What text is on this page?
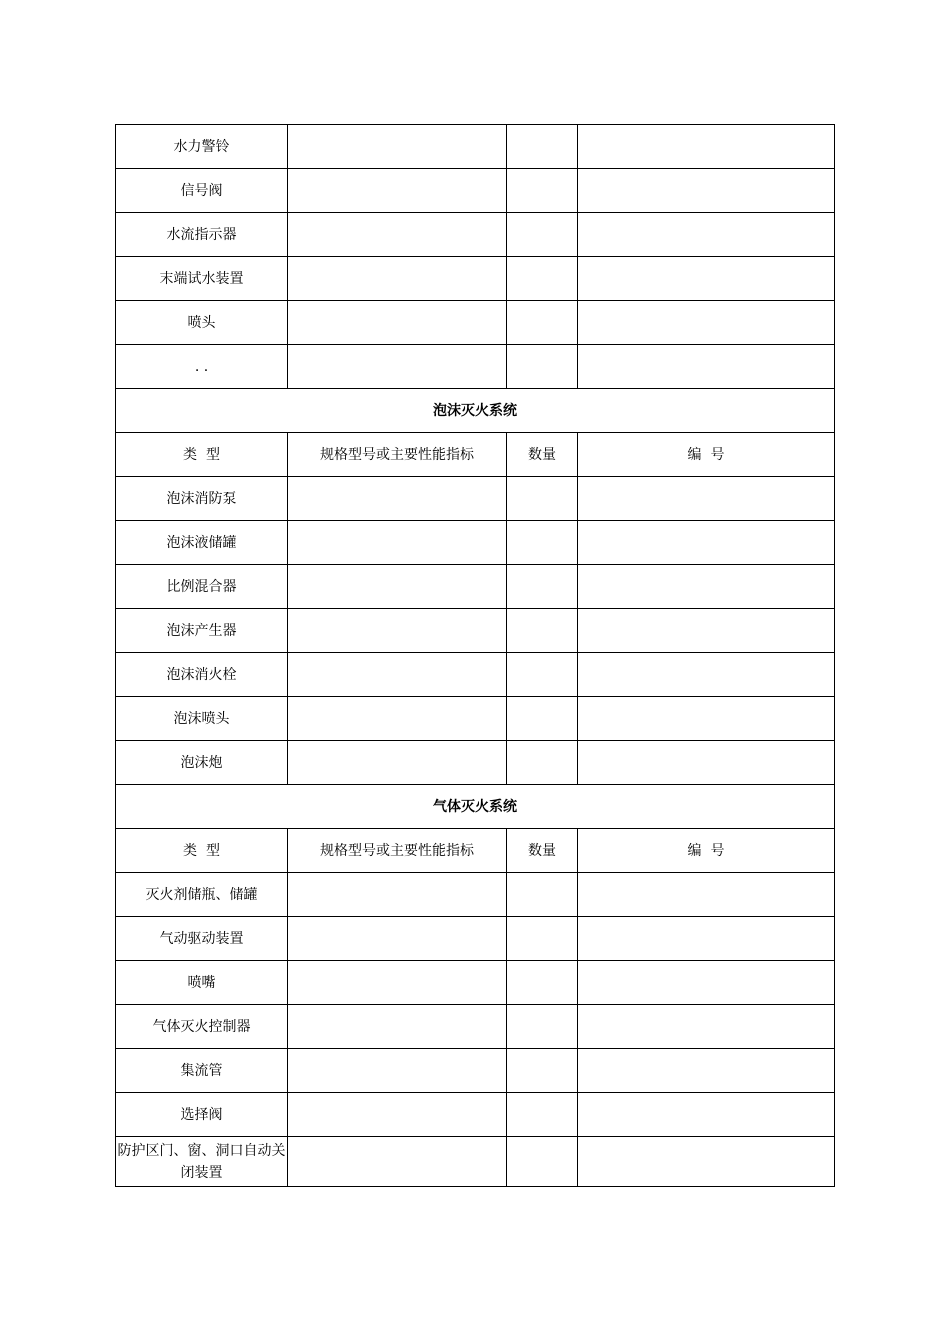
水力警铃			
信号阀			
水流指示器			
末端试水装置			
喷头			
. .			
泡沫灭火系统			
类  型	规格型号或主要性能指标	数量	编  号
泡沫消防泵			
泡沫液储罐			
比例混合器			
泡沫产生器			
泡沫消火栓			
泡沫喷头			
泡沫炮			
气体灭火系统			
类  型	规格型号或主要性能指标	数量	编  号
灭火剂储瓶、储罐			
气动驱动装置			
喷嘴			
气体灭火控制器			
集流管			
选择阀			
防护区门、窗、洞口自动关闭装置			
